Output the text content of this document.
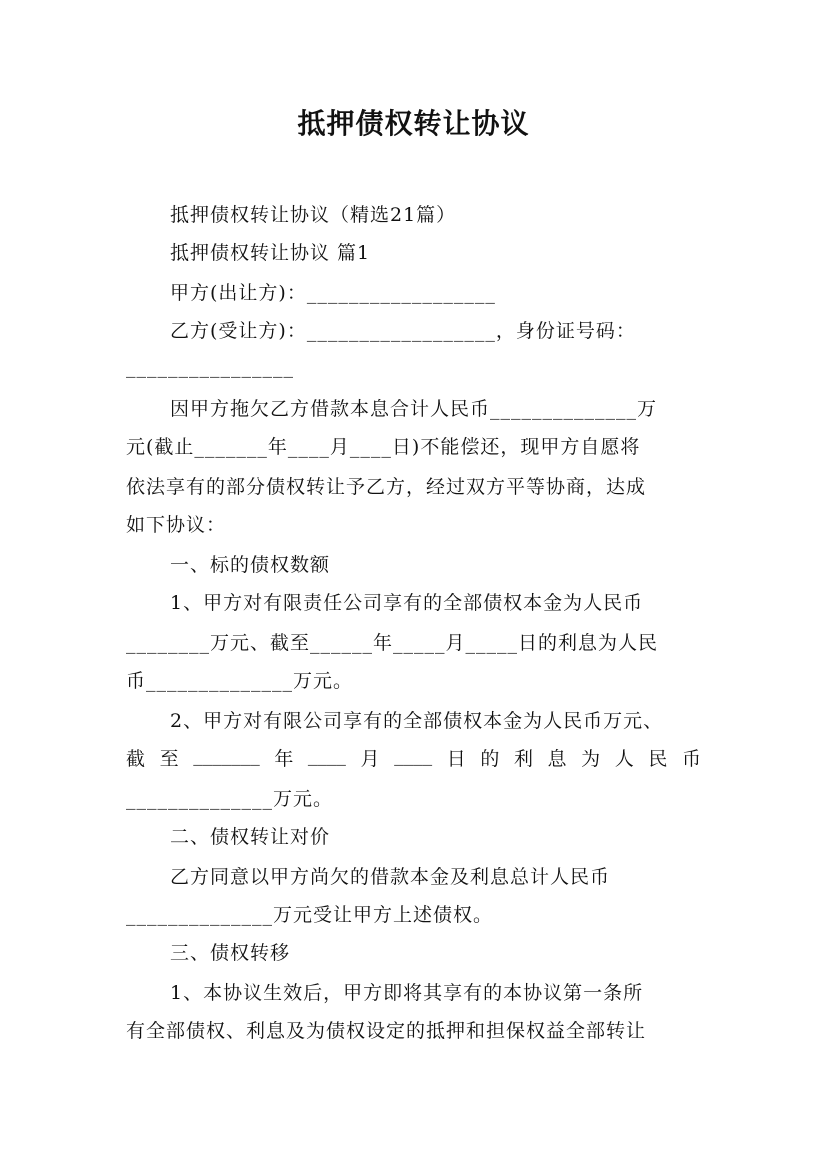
抵押债权转让协议
抵押债权转让协议（精选21篇）
抵押债权转让协议 篇1
甲方(出让方)：__________________
乙方(受让方)：__________________，身份证号码：
________________
因甲方拖欠乙方借款本息合计人民币______________万
元(截止_______年____月____日)不能偿还，现甲方自愿将
依法享有的部分债权转让予乙方，经过双方平等协商，达成
如下协议：
一、标的债权数额
1、甲方对有限责任公司享有的全部债权本金为人民币
________万元、截至______年_____月_____日的利息为人民
币______________万元。
2、甲方对有限公司享有的全部债权本金为人民币万元、
截 至 _______ 年 ____ 月 ____ 日 的 利 息 为 人 民 币
______________万元。
二、债权转让对价
乙方同意以甲方尚欠的借款本金及利息总计人民币
______________万元受让甲方上述债权。
三、债权转移
1、本协议生效后，甲方即将其享有的本协议第一条所
有全部债权、利息及为债权设定的抵押和担保权益全部转让
